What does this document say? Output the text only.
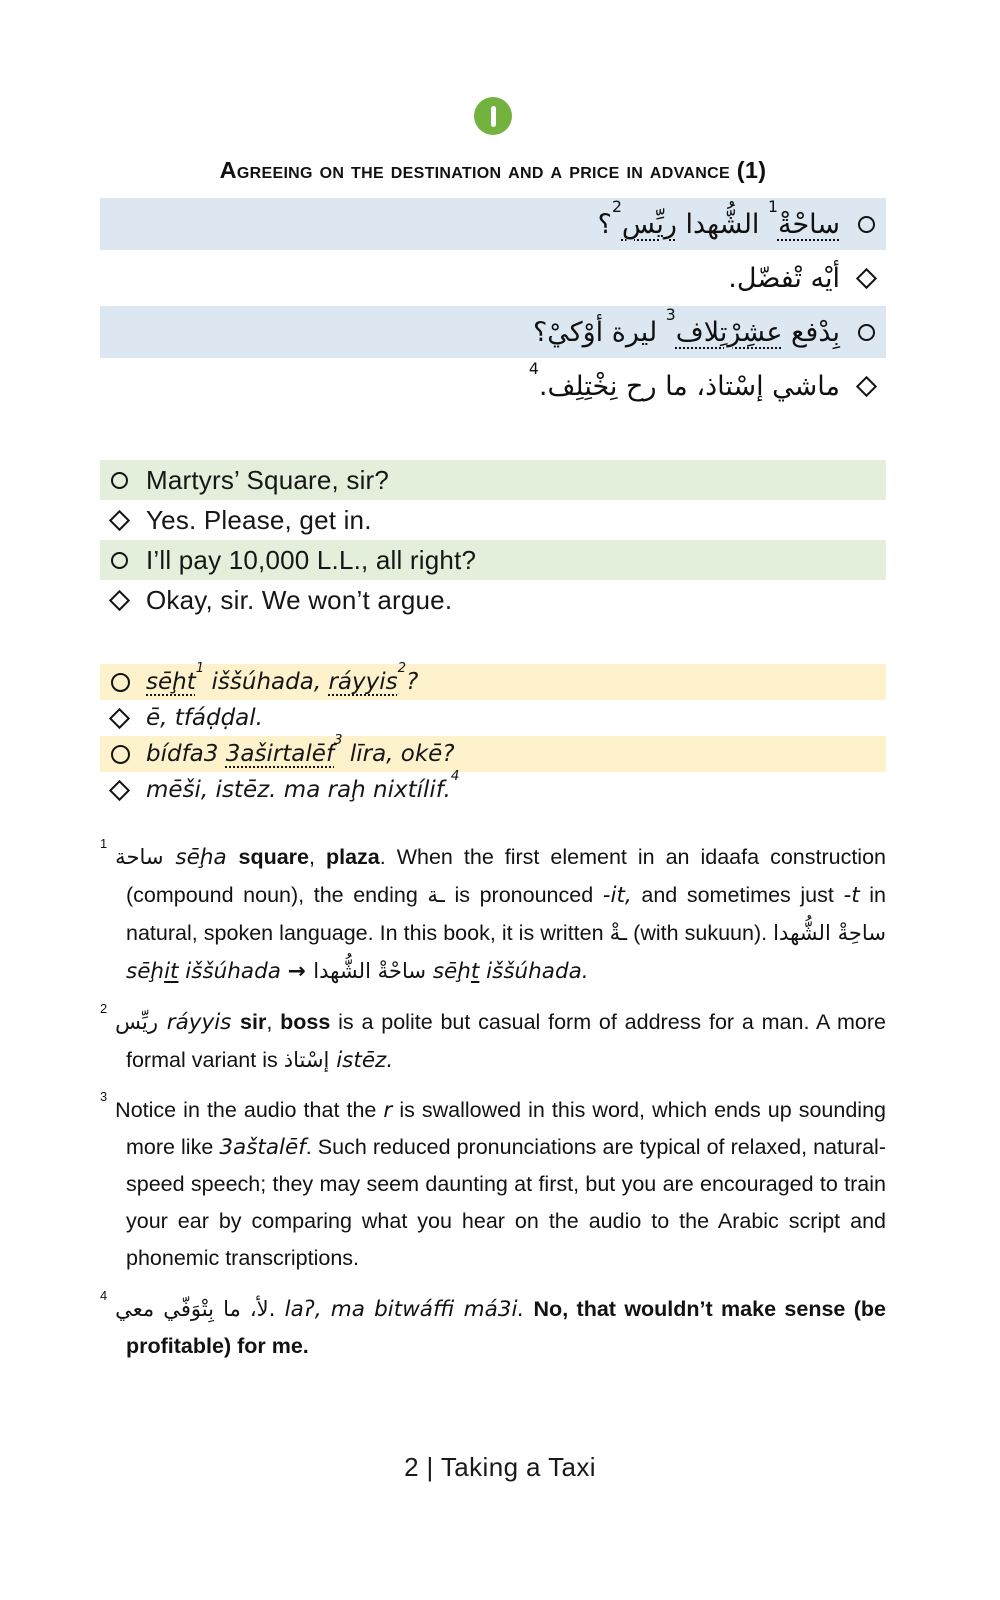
Agreeing on the destination and a price in advance (1)
ساحْةْ$^1$ الشُّهدا ريِّس$^2$؟
أيْه تْفضّل.
بِدْفع عشِرْتِلاف$^3$ ليرة أوْكيْ؟
ماشي إسْتاذ، ما رح نِخْتِلِف.$^4$
Martyrs’ Square, sir?
Yes. Please, get in.
I’ll pay 10,000 L.L., all right?
Okay, sir. We won’t argue.
sēḩt$^1$ iššúhada, ráyyis$^2$?
ē, tfáḍḍal.
bídfa3 3aširtalēf$^3$ līra, okē?
mēši, istēz. ma raḩ nixtílif.$^4$

$^1$ساحة sēḩa square, plaza. When the first element in an idaafa construction (compound noun), the ending ـة is pronounced -it, and sometimes just -t in natural, spoken language. In this book, it is written ـةْ (with sukuun). ساحِةْ الشُّهدا sēḩit iššúhada → ساحْةْ الشُّهدا sēḩt iššúhada.

$^2$ريِّس ráyyis sir, boss is a polite but casual form of address for a man. A more formal variant is إسْتاذ istēz.

$^3$Notice in the audio that the r is swallowed in this word, which ends up sounding more like 3aštalēf. Such reduced pronunciations are typical of relaxed, natural-speed speech; they may seem daunting at first, but you are encouraged to train your ear by comparing what you hear on the audio to the Arabic script and phonemic transcriptions.

$^4$لأ، ما بِتْوَفّي معي. laʔ, ma bitwáffi má3i. No, that wouldn’t make sense (be profitable) for me.

2 | Taking a Taxi
